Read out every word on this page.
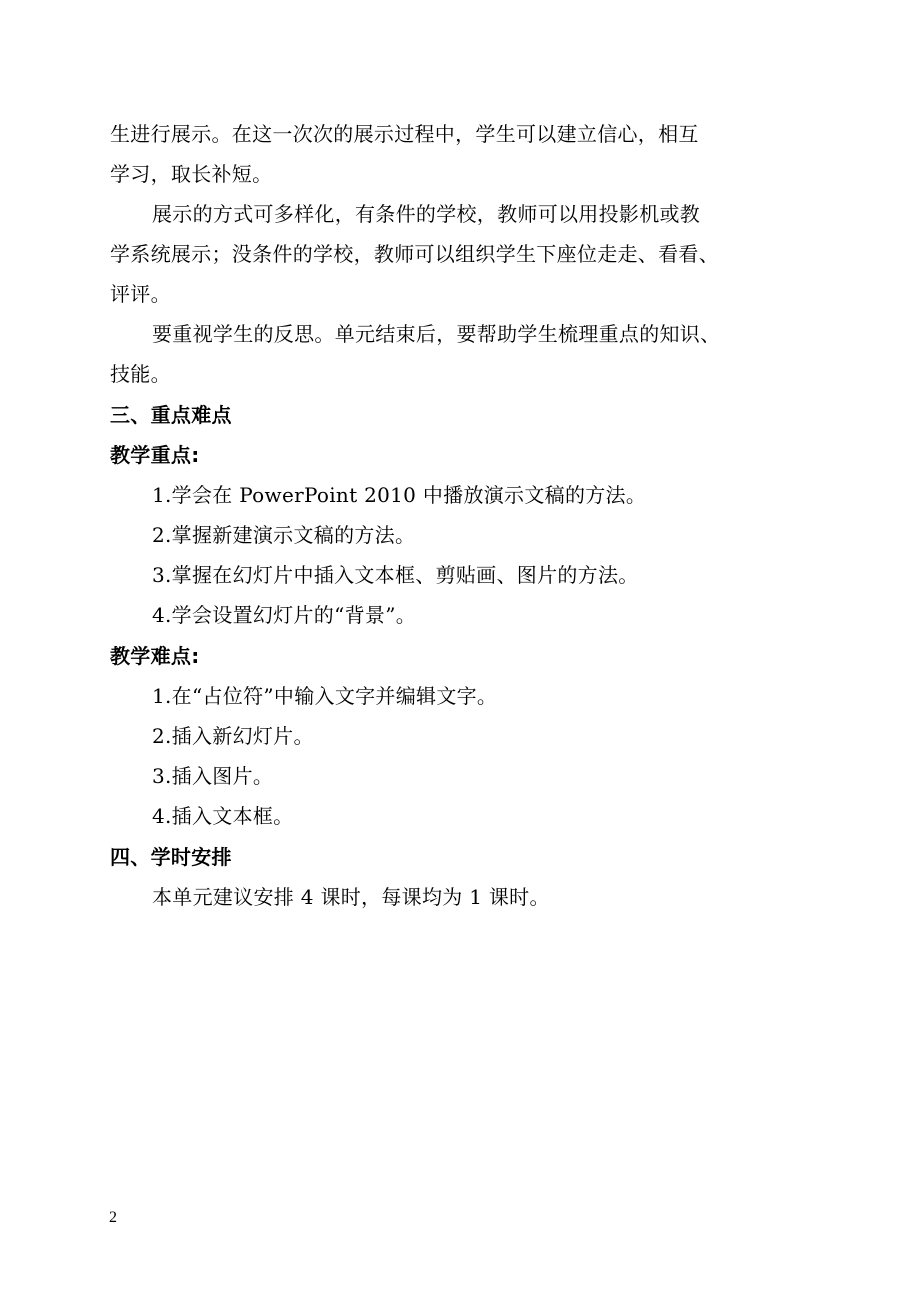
生进行展示。在这一次次的展示过程中，学生可以建立信心，相互
学习，取长补短。
展示的方式可多样化，有条件的学校，教师可以用投影机或教
学系统展示；没条件的学校，教师可以组织学生下座位走走、看看、
评评。
要重视学生的反思。单元结束后，要帮助学生梳理重点的知识、
技能。
三、重点难点
教学重点:
1.学会在 PowerPoint 2010 中播放演示文稿的方法。
2.掌握新建演示文稿的方法。
3.掌握在幻灯片中插入文本框、剪贴画、图片的方法。
4.学会设置幻灯片的“背景”。
教学难点:
1.在“占位符”中输入文字并编辑文字。
2.插入新幻灯片。
3.插入图片。
4.插入文本框。
四、学时安排
本单元建议安排 4 课时，每课均为 1 课时。
2
